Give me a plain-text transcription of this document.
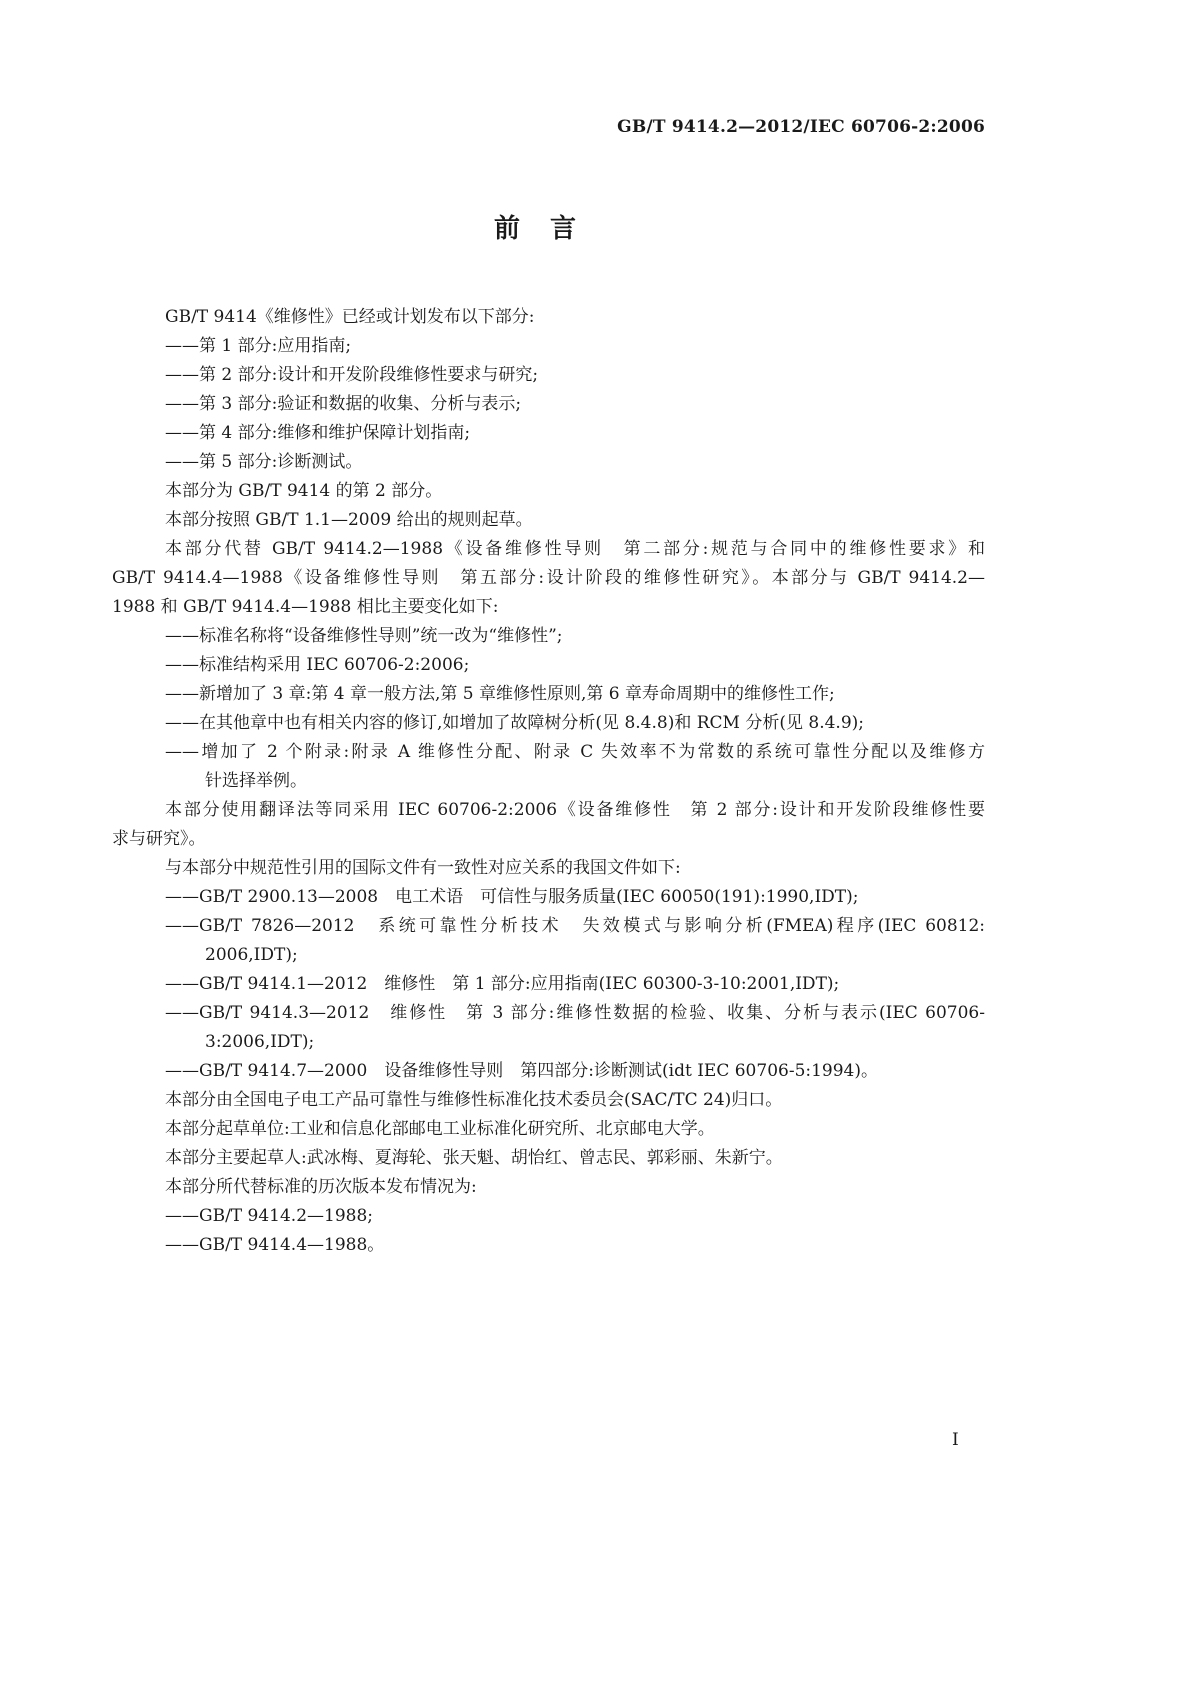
GB/T 9414.2—2012/IEC 60706-2:2006
前言
GB/T 9414《维修性》已经或计划发布以下部分:
——第 1 部分:应用指南;
——第 2 部分:设计和开发阶段维修性要求与研究;
——第 3 部分:验证和数据的收集、分析与表示;
——第 4 部分:维修和维护保障计划指南;
——第 5 部分:诊断测试。
本部分为 GB/T 9414 的第 2 部分。
本部分按照 GB/T 1.1—2009 给出的规则起草。
本部分代替 GB/T 9414.2—1988《设备维修性导则　第二部分:规范与合同中的维修性要求》和
GB/T 9414.4—1988《设备维修性导则　第五部分:设计阶段的维修性研究》。本部分与 GB/T 9414.2—
1988 和 GB/T 9414.4—1988 相比主要变化如下:
——标准名称将“设备维修性导则”统一改为“维修性”;
——标准结构采用 IEC 60706-2:2006;
——新增加了 3 章:第 4 章一般方法,第 5 章维修性原则,第 6 章寿命周期中的维修性工作;
——在其他章中也有相关内容的修订,如增加了故障树分析(见 8.4.8)和 RCM 分析(见 8.4.9);
——增加了 2 个附录:附录 A 维修性分配、附录 C 失效率不为常数的系统可靠性分配以及维修方
针选择举例。
本部分使用翻译法等同采用 IEC 60706-2:2006《设备维修性　第 2 部分:设计和开发阶段维修性要
求与研究》。
与本部分中规范性引用的国际文件有一致性对应关系的我国文件如下:
——GB/T 2900.13—2008　电工术语　可信性与服务质量(IEC 60050(191):1990,IDT);
——GB/T 7826—2012　系统可靠性分析技术　失效模式与影响分析(FMEA)程序(IEC 60812:
2006,IDT);
——GB/T 9414.1—2012　维修性　第 1 部分:应用指南(IEC 60300-3-10:2001,IDT);
——GB/T 9414.3—2012　维修性　第 3 部分:维修性数据的检验、收集、分析与表示(IEC 60706-
3:2006,IDT);
——GB/T 9414.7—2000　设备维修性导则　第四部分:诊断测试(idt IEC 60706-5:1994)。
本部分由全国电子电工产品可靠性与维修性标准化技术委员会(SAC/TC 24)归口。
本部分起草单位:工业和信息化部邮电工业标准化研究所、北京邮电大学。
本部分主要起草人:武冰梅、夏海轮、张天魁、胡怡红、曾志民、郭彩丽、朱新宁。
本部分所代替标准的历次版本发布情况为:
——GB/T 9414.2—1988;
——GB/T 9414.4—1988。
I
